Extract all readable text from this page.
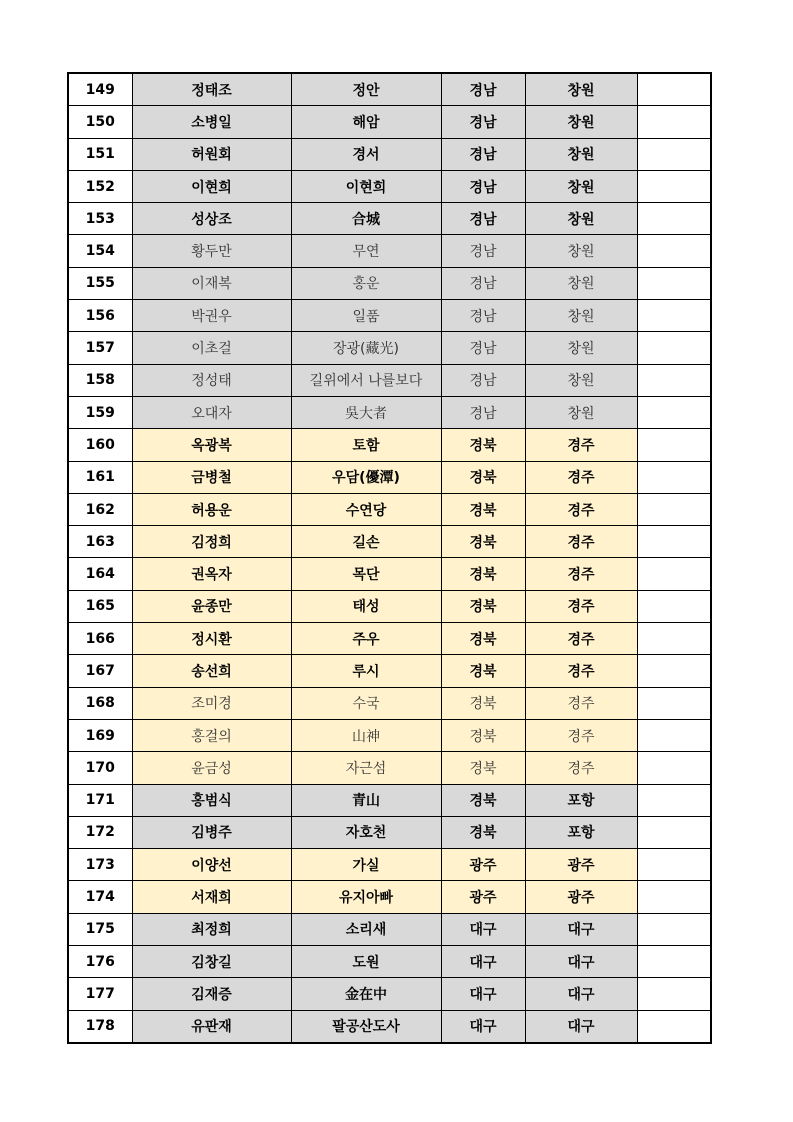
149	정태조	정안	경남	창원	
150	소병일	해암	경남	창원	
151	허원회	경서	경남	창원	
152	이현희	이현희	경남	창원	
153	성상조	合城	경남	창원	
154	황두만	무연	경남	창원	
155	이재복	홍운	경남	창원	
156	박권우	일품	경남	창원	
157	이초걸	장광(藏光)	경남	창원	
158	정성태	길위에서 나를보다	경남	창원	
159	오대자	吳大者	경남	창원	
160	옥광복	토함	경북	경주	
161	금병철	우담(優潭)	경북	경주	
162	허용운	수연당	경북	경주	
163	김정희	길손	경북	경주	
164	권옥자	목단	경북	경주	
165	윤종만	태성	경북	경주	
166	정시환	주우	경북	경주	
167	송선희	루시	경북	경주	
168	조미경	수국	경북	경주	
169	홍걸의	山神	경북	경주	
170	윤금성	자근섬	경북	경주	
171	홍범식	青山	경북	포항	
172	김병주	자호천	경북	포항	
173	이양선	가실	광주	광주	
174	서재희	유지아빠	광주	광주	
175	최정희	소리새	대구	대구	
176	김창길	도원	대구	대구	
177	김재증	金在中	대구	대구	
178	유판재	팔공산도사	대구	대구	
